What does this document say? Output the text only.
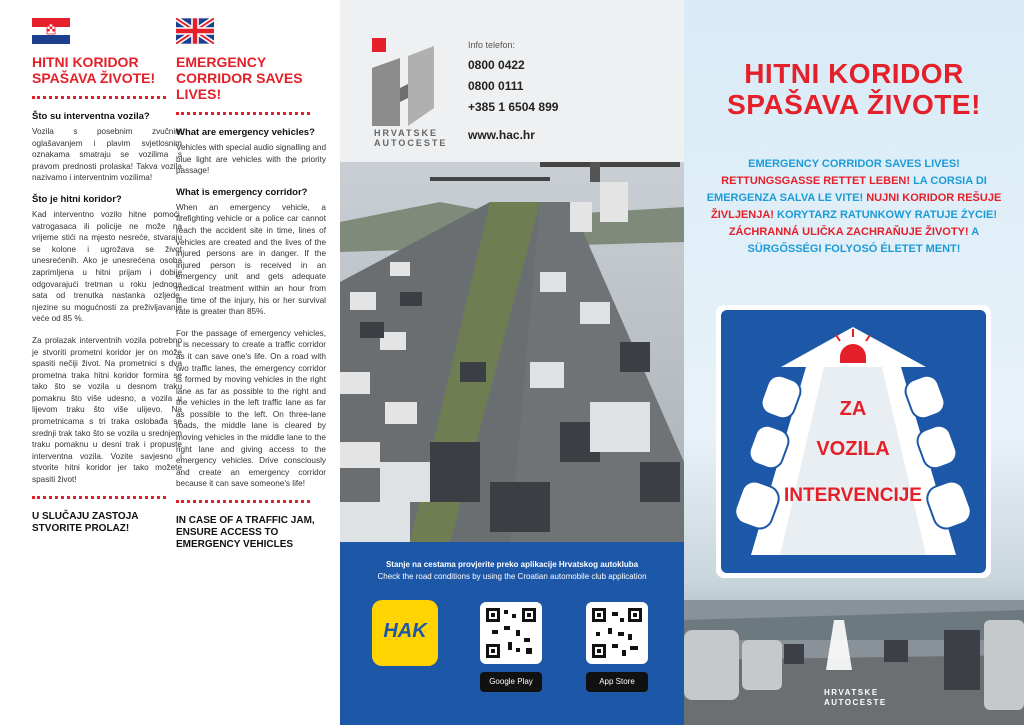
HITNI KORIDOR SPAŠAVA ŽIVOTE!
Što su interventna vozila?
Vozila s posebnim zvučnim oglašavanjem i plavim svjetlosnim oznakama smatraju se vozilima s pravom prednosti prolaska! Takva vozila nazivamo i interventnim vozilima!
Što je hitni koridor?
Kad interventno vozilo hitne pomoći, vatrogasaca ili policije ne može na vrijeme stići na mjesto nesreće, stvaraju se kolone i ugrožava se život unesrećenih. Ako je unesrećena osoba zaprimljena u hitni prijam i dobije odgovarajući tretman u roku jednoga sata od trenutka nastanka ozljede, njezine su mogućnosti za preživljavanje veće od 85 %.
Za prolazak interventnih vozila potrebno je stvoriti prometni koridor jer on može spasiti nečiji život. Na prometnici s dva prometna traka hitni koridor formira se tako što se vozila u desnom traku pomaknu što više udesno, a vozila u lijevom traku što više ulijevo. Na prometnicama s tri traka oslobađa se srednji trak tako što se vozila u srednjem traku pomaknu u desni trak i propuste interventna vozila. Vozite savjesno i stvorite hitni koridor jer tako možete spasiti život!
U SLUČAJU ZASTOJA STVORITE PROLAZ!
EMERGENCY CORRIDOR SAVES LIVES!
What are emergency vehicles?
Vehicles with special audio signalling and blue light are vehicles with the priority passage!
What is emergency corridor?
When an emergency vehicle, a firefighting vehicle or a police car cannot reach the accident site in time, lines of vehicles are created and the lives of the injured persons are in danger. If the injured person is received in an emergency unit and gets adequate medical treatment within an hour from the time of the injury, his or her survival rate is greater than 85%.
For the passage of emergency vehicles, it is necessary to create a traffic corridor as it can save one's life. On a road with two traffic lanes, the emergency corridor is formed by moving vehicles in the right lane as far as possible to the right and the vehicles in the left traffic lane as far as possible to the left. On three-lane roads, the middle lane is cleared by moving vehicles in the middle lane to the right lane and giving access to the emergency vehicles. Drive consciously and create an emergency corridor because it can save someone's life!
IN CASE OF A TRAFFIC JAM, ENSURE ACCESS TO EMERGENCY VEHICLES
HRVATSKE
AUTOCESTE
Info telefon:
0800 0422
0800 0111
+385 1 6504 899
www.hac.hr
Stanje na cestama provjerite preko aplikacije Hrvatskog autokluba
Check the road conditions by using the Croatian automobile club application
HAK
Google Play	App Store
HITNI KORIDOR
SPAŠAVA ŽIVOTE!
EMERGENCY CORRIDOR SAVES LIVES! RETTUNGSGASSE RETTET LEBEN! LA CORSIA DI EMERGENZA SALVA LE VITE! NUJNI KORIDOR REŠUJE ŽIVLJENJA! KORYTARZ RATUNKOWY RATUJE ŻYCIE! ZÁCHRANNÁ ULIČKA ZACHRAŇUJE ŽIVOTY! A SÜRGŐSSÉGI FOLYOSÓ ÉLETET MENT!
ZA
VOZILA
INTERVENCIJE
HRVATSKE
AUTOCESTE
